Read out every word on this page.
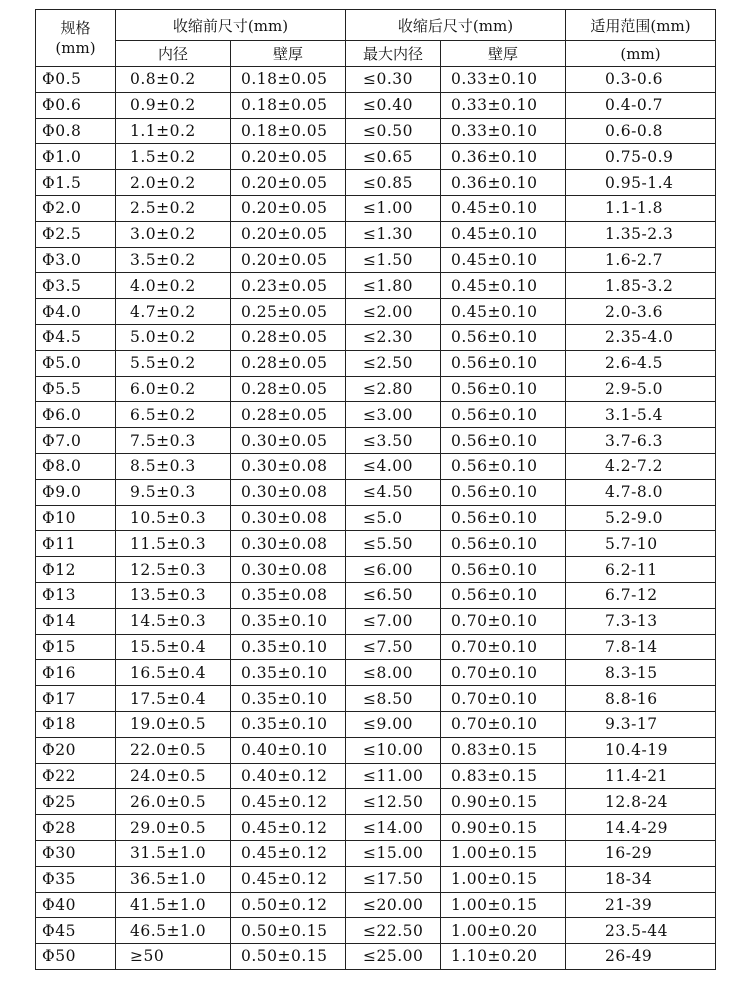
规格
(mm)	收缩前尺寸(mm)		收缩后尺寸(mm)		适用范围(mm)
	内径	壁厚	最大内径	壁厚	(mm)
Φ0.5	0.8±0.2	0.18±0.05	≤0.30	0.33±0.10	0.3-0.6
Φ0.6	0.9±0.2	0.18±0.05	≤0.40	0.33±0.10	0.4-0.7
Φ0.8	1.1±0.2	0.18±0.05	≤0.50	0.33±0.10	0.6-0.8
Φ1.0	1.5±0.2	0.20±0.05	≤0.65	0.36±0.10	0.75-0.9
Φ1.5	2.0±0.2	0.20±0.05	≤0.85	0.36±0.10	0.95-1.4
Φ2.0	2.5±0.2	0.20±0.05	≤1.00	0.45±0.10	1.1-1.8
Φ2.5	3.0±0.2	0.20±0.05	≤1.30	0.45±0.10	1.35-2.3
Φ3.0	3.5±0.2	0.20±0.05	≤1.50	0.45±0.10	1.6-2.7
Φ3.5	4.0±0.2	0.23±0.05	≤1.80	0.45±0.10	1.85-3.2
Φ4.0	4.7±0.2	0.25±0.05	≤2.00	0.45±0.10	2.0-3.6
Φ4.5	5.0±0.2	0.28±0.05	≤2.30	0.56±0.10	2.35-4.0
Φ5.0	5.5±0.2	0.28±0.05	≤2.50	0.56±0.10	2.6-4.5
Φ5.5	6.0±0.2	0.28±0.05	≤2.80	0.56±0.10	2.9-5.0
Φ6.0	6.5±0.2	0.28±0.05	≤3.00	0.56±0.10	3.1-5.4
Φ7.0	7.5±0.3	0.30±0.05	≤3.50	0.56±0.10	3.7-6.3
Φ8.0	8.5±0.3	0.30±0.08	≤4.00	0.56±0.10	4.2-7.2
Φ9.0	9.5±0.3	0.30±0.08	≤4.50	0.56±0.10	4.7-8.0
Φ10	10.5±0.3	0.30±0.08	≤5.0	0.56±0.10	5.2-9.0
Φ11	11.5±0.3	0.30±0.08	≤5.50	0.56±0.10	5.7-10
Φ12	12.5±0.3	0.30±0.08	≤6.00	0.56±0.10	6.2-11
Φ13	13.5±0.3	0.35±0.08	≤6.50	0.56±0.10	6.7-12
Φ14	14.5±0.3	0.35±0.10	≤7.00	0.70±0.10	7.3-13
Φ15	15.5±0.4	0.35±0.10	≤7.50	0.70±0.10	7.8-14
Φ16	16.5±0.4	0.35±0.10	≤8.00	0.70±0.10	8.3-15
Φ17	17.5±0.4	0.35±0.10	≤8.50	0.70±0.10	8.8-16
Φ18	19.0±0.5	0.35±0.10	≤9.00	0.70±0.10	9.3-17
Φ20	22.0±0.5	0.40±0.10	≤10.00	0.83±0.15	10.4-19
Φ22	24.0±0.5	0.40±0.12	≤11.00	0.83±0.15	11.4-21
Φ25	26.0±0.5	0.45±0.12	≤12.50	0.90±0.15	12.8-24
Φ28	29.0±0.5	0.45±0.12	≤14.00	0.90±0.15	14.4-29
Φ30	31.5±1.0	0.45±0.12	≤15.00	1.00±0.15	16-29
Φ35	36.5±1.0	0.45±0.12	≤17.50	1.00±0.15	18-34
Φ40	41.5±1.0	0.50±0.12	≤20.00	1.00±0.15	21-39
Φ45	46.5±1.0	0.50±0.15	≤22.50	1.00±0.20	23.5-44
Φ50	≥50	0.50±0.15	≤25.00	1.10±0.20	26-49
